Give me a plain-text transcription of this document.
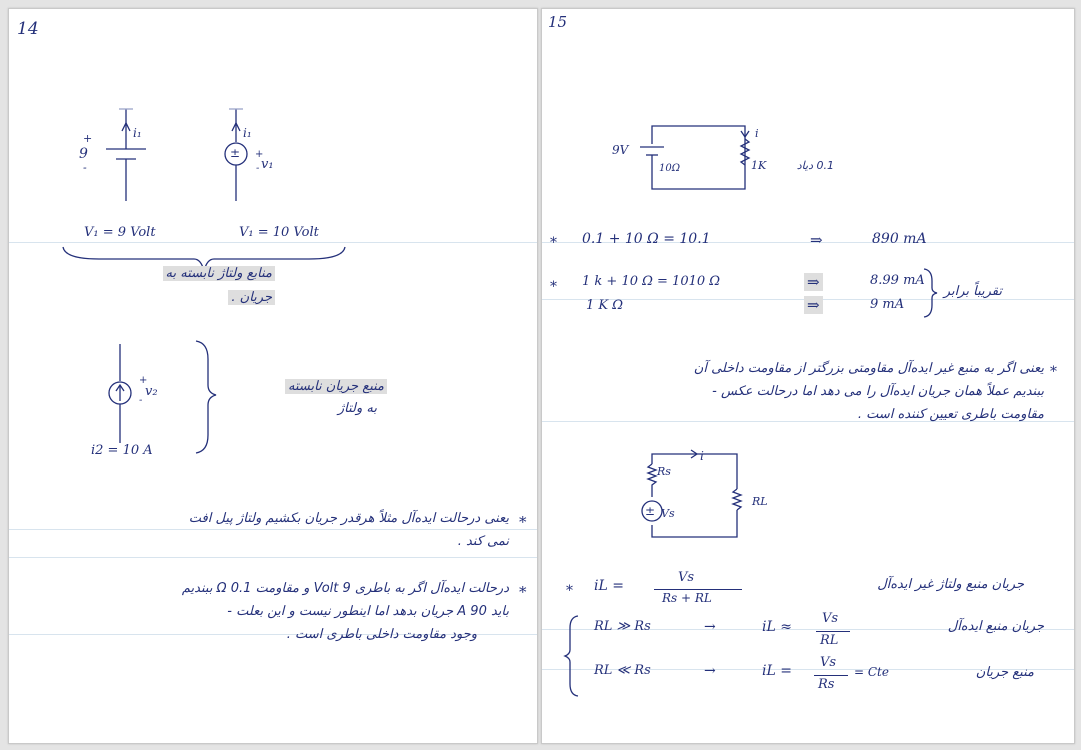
14
i₁
+
9
-
±
i₁
+
v₁
-
V₁ = 9 Volt	V₁ = 10 Volt
منابع ولتاژ نابسته به
جریان .
+
v₂
-
منبع جریان نابسته
به ولتاژ
i2 = 10 A
*
یعنی درحالت ایده‌آل مثلاً هرقدر جریان بکشیم ولتاژ پیل افت
نمی کند .
*
درحالت ایده‌آل اگر به باطری 9 Volt و مقاومت 0.1 Ω ببندیم
باید 90 A جریان بدهد اما اینطور نیست و این بعلت -
وجود مقاومت داخلی باطری است .
15
9V
10Ω	1K
i
0.1 دیاد
* 0.1 + 10 Ω = 10.1	⇒	890 mA
* 1 k + 10 Ω = 1010 Ω	⇒	8.99 mA
1 K Ω	⇒	9 mA
تقریباً برابر
*
یعنی اگر به منبع غیر ایده‌آل مقاومتی بزرگتر از مقاومت داخلی آن
ببندیم عملاً همان جریان ایده‌آل را می دهد اما درحالت عکس -
مقاومت باطری تعیین کننده است .
i
Rs
RL
± Vs
* iL =
Vs
Rs + RL
جریان منبع ولتاژ غیر ایده‌آل
RL ≫ Rs	→	iL ≈
Vs
RL
جریان منبع ایده‌آل
RL ≪ Rs	→	iL =
Vs
Rs
= Cte	منبع جریان
